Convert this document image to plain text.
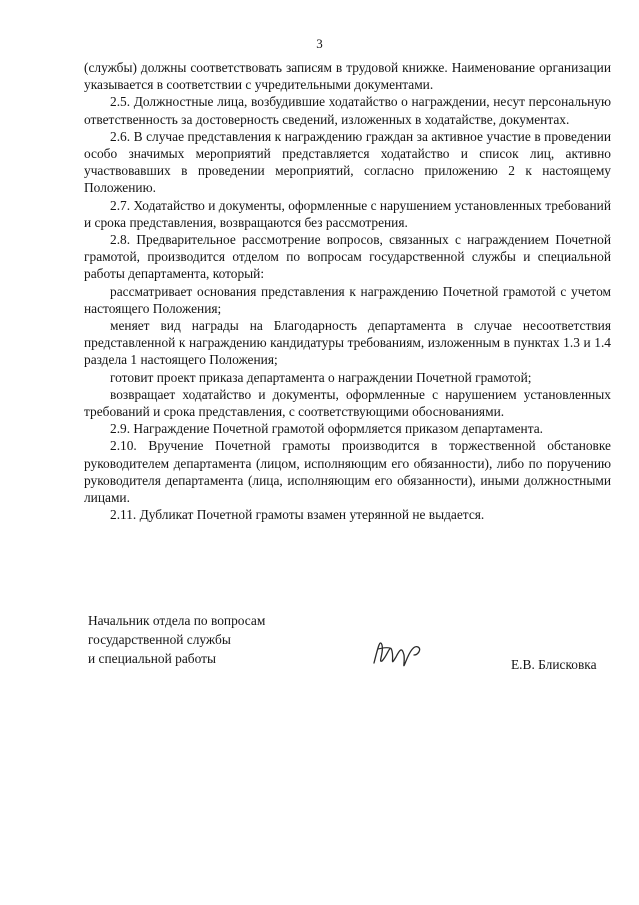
3

(службы) должны соответствовать записям в трудовой книжке. Наименование организации указывается в соответствии с учредительными документами.

2.5. Должностные лица, возбудившие ходатайство о награждении, несут персональную ответственность за достоверность сведений, изложенных в ходатайстве, документах.

2.6. В случае представления к награждению граждан за активное участие в проведении особо значимых мероприятий представляется ходатайство и список лиц, активно участвовавших в проведении мероприятий, согласно приложению 2 к настоящему Положению.

2.7. Ходатайство и документы, оформленные с нарушением установленных требований и срока представления, возвращаются без рассмотрения.

2.8. Предварительное рассмотрение вопросов, связанных с награждением Почетной грамотой, производится отделом по вопросам государственной службы и специальной работы департамента, который:

рассматривает основания представления к награждению Почетной грамотой с учетом настоящего Положения;

меняет вид награды на Благодарность департамента в случае несоответствия представленной к награждению кандидатуры требованиям, изложенным в пунктах 1.3 и 1.4 раздела 1 настоящего Положения;

готовит проект приказа департамента о награждении Почетной грамотой;

возвращает ходатайство и документы, оформленные с нарушением установленных требований и срока представления, с соответствующими обоснованиями.

2.9. Награждение Почетной грамотой оформляется приказом департамента.

2.10. Вручение Почетной грамоты производится в торжественной обстановке руководителем департамента (лицом, исполняющим его обязанности), либо по поручению руководителя департамента (лица, исполняющим его обязанности), иными должностными лицами.

2.11. Дубликат Почетной грамоты взамен утерянной не выдается.

Начальник отдела по вопросам
государственной службы
и специальной работы	Е.В. Блисковка
